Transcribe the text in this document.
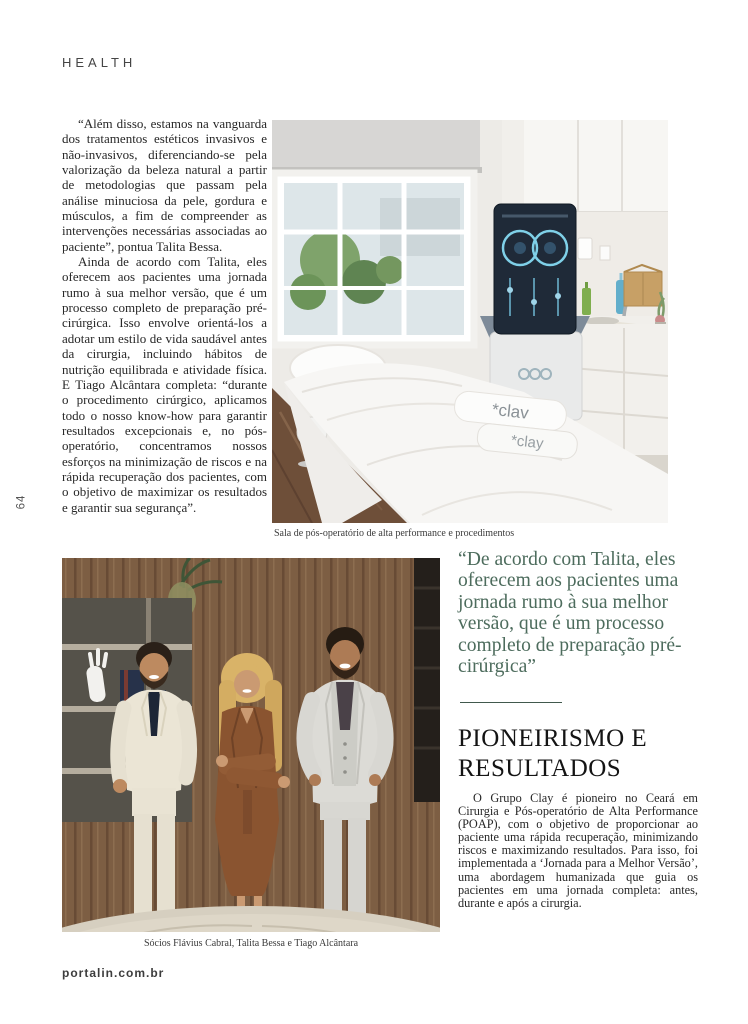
HEALTH
64

“Além disso, estamos na vanguarda dos tratamentos estéticos invasivos e não-invasivos, diferenciando-se pela valorização da beleza natural a partir de metodologias que passam pela análise minuciosa da pele, gordura e músculos, a fim de compreender as intervenções necessárias associadas ao paciente”, pontua Talita Bessa.

Ainda de acordo com Talita, eles oferecem aos pacientes uma jornada rumo à sua melhor versão, que é um processo completo de preparação pré-cirúrgica. Isso envolve orientá-los a adotar um estilo de vida saudável antes da cirurgia, incluindo hábitos de nutrição equilibrada e atividade física. E Tiago Alcântara completa: “durante o procedimento cirúrgico, aplicamos todo o nosso know-how para garantir resultados excepcionais e, no pós-operatório, concentramos nossos esforços na minimização de riscos e na rápida recuperação dos pacientes, com o objetivo de maximizar os resultados e garantir sua segurança”.

*clav
*clay
Sala de pós-operatório de alta performance e procedimentos
“De acordo com Talita, eles oferecem aos pacientes uma jornada rumo à sua melhor versão, que é um processo completo de preparação pré-cirúrgica”
PIONEIRISMO E RESULTADOS

O Grupo Clay é pioneiro no Ceará em Cirurgia e Pós-operatório de Alta Performance (POAP), com o objetivo de proporcionar ao paciente uma rápida recuperação, minimizando riscos e maximizando resultados. Para isso, foi implementada a ‘Jornada para a Melhor Versão’, uma abordagem humanizada que guia os pacientes em uma jornada completa: antes, durante e após a cirurgia.

Sócios Flávius Cabral, Talita Bessa e Tiago Alcântara
portalin.com.br
